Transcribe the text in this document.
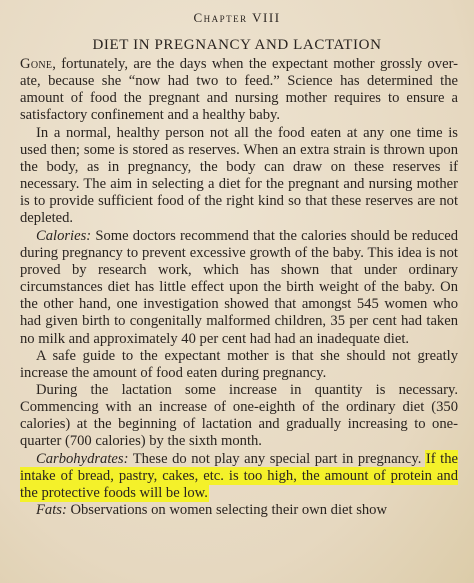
Chapter VIII
DIET IN PREGNANCY AND LACTATION

Gone, fortunately, are the days when the expectant mother grossly over-ate, because she “now had two to feed.” Science has determined the amount of food the pregnant and nursing mother requires to ensure a satisfactory confinement and a healthy baby.

In a normal, healthy person not all the food eaten at any one time is used then; some is stored as reserves. When an extra strain is thrown upon the body, as in pregnancy, the body can draw on these reserves if necessary. The aim in selecting a diet for the pregnant and nursing mother is to provide sufficient food of the right kind so that these reserves are not depleted.

Calories: Some doctors recommend that the calories should be reduced during pregnancy to prevent excessive growth of the baby. This idea is not proved by research work, which has shown that under ordinary circumstances diet has little effect upon the birth weight of the baby. On the other hand, one investigation showed that amongst 545 women who had given birth to congenitally malformed children, 35 per cent had taken no milk and approximately 40 per cent had had an inadequate diet.

A safe guide to the expectant mother is that she should not greatly increase the amount of food eaten during pregnancy.

During the lactation some increase in quantity is necessary. Commencing with an increase of one-eighth of the ordinary diet (350 calories) at the beginning of lactation and gradually increasing to one-quarter (700 calories) by the sixth month.

Carbohydrates: These do not play any special part in pregnancy. If the intake of bread, pastry, cakes, etc. is too high, the amount of protein and the protective foods will be low.

Fats: Observations on women selecting their own diet show
